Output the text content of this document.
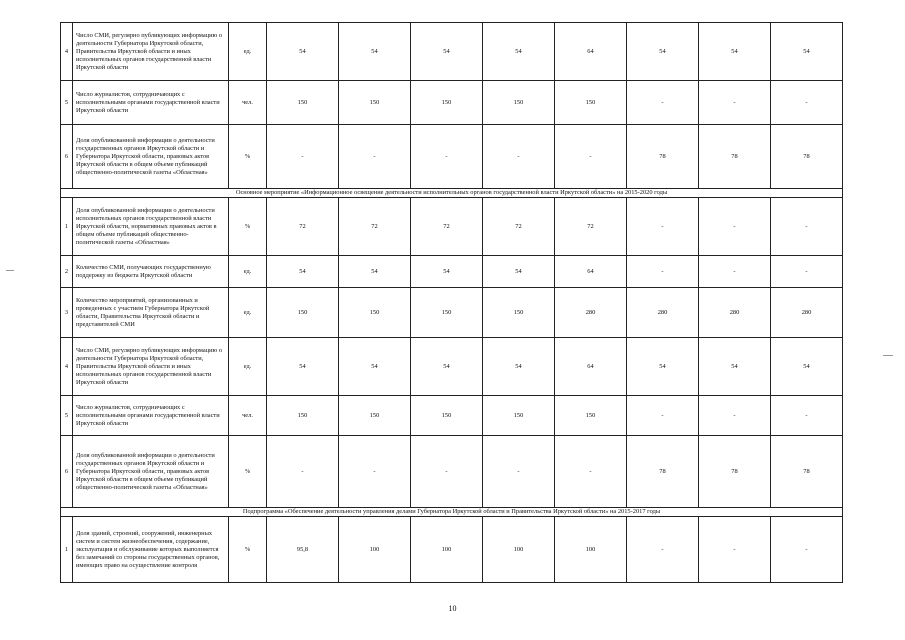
4	Число СМИ, регулярно публикующих информацию о деятельности Губернатора Иркутской области, Правительства Иркутской области и иных исполнительных органов государственной власти Иркутской области	ед.	54	54	54	54	64	54	54	54
5	Число журналистов, сотрудничающих с исполнительными органами государственной власти Иркутской области	чел.	150	150	150	150	150	-	-	-
6	Доля опубликованной информации о деятельности государственных органов Иркутской области и Губернатора Иркутской области, правовых актов Иркутской области в общем объеме публикаций общественно-политической газеты «Областная»	%	-	-	-	-	-	78	78	78
Основное мероприятие «Информационное освещение деятельности исполнительных органов государственной власти Иркутской области» на 2015-2020 годы										
1	Доля опубликованной информации о деятельности исполнительных органов государственной власти Иркутской области, нормативных правовых актов в общем объеме публикаций общественно-политической газеты «Областная»	%	72	72	72	72	72	-	-	-
2	Количество СМИ, получающих государственную поддержку из бюджета Иркутской области	ед.	54	54	54	54	64	-	-	-
3	Количество мероприятий, организованных и проведенных с участием Губернатора Иркутской области, Правительства Иркутской области и представителей СМИ	ед.	150	150	150	150	280	280	280	280
4	Число СМИ, регулярно публикующих информацию о деятельности Губернатора Иркутской области, Правительства Иркутской области и иных исполнительных органов государственной власти Иркутской области	ед.	54	54	54	54	64	54	54	54
5	Число журналистов, сотрудничающих с исполнительными органами государственной власти Иркутской области	чел.	150	150	150	150	150	-	-	-
6	Доля опубликованной информации о деятельности государственных органов Иркутской области и Губернатора Иркутской области, правовых актов Иркутской области в общем объеме публикаций общественно-политической газеты «Областная»	%	-	-	-	-	-	78	78	78
Подпрограмма «Обеспечение деятельности управления делами Губернатора Иркутской области и Правительства Иркутской области» на 2015-2017 годы										
1	Доля зданий, строений, сооружений, инженерных систем и систем жизнеобеспечения, содержание, эксплуатация и обслуживание которых выполняется без замечаний со стороны государственных органов, имеющих право на осуществление контроля	%	95,8	100	100	100	100	-	-	-
10
